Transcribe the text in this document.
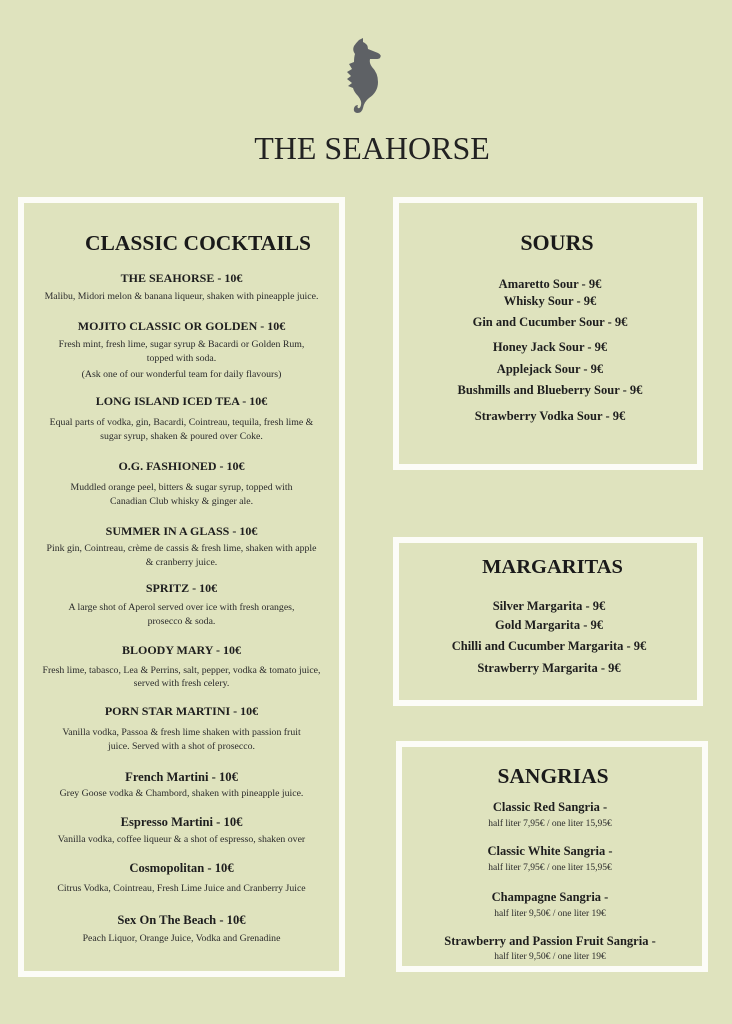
THE SEAHORSE
CLASSIC COCKTAILS
THE SEAHORSE - 10€
Malibu, Midori melon & banana liqueur, shaken with pineapple juice.
MOJITO CLASSIC OR GOLDEN - 10€
Fresh mint, fresh lime, sugar syrup & Bacardi or Golden Rum,
topped with soda.
(Ask one of our wonderful team for daily flavours)
LONG ISLAND ICED TEA - 10€
Equal parts of vodka, gin, Bacardi, Cointreau, tequila, fresh lime &
sugar syrup, shaken & poured over Coke.
O.G. FASHIONED - 10€
Muddled orange peel, bitters & sugar syrup, topped with
Canadian Club whisky & ginger ale.
SUMMER IN A GLASS - 10€
Pink gin, Cointreau, crème de cassis & fresh lime, shaken with apple
& cranberry juice.
SPRITZ - 10€
A large shot of Aperol served over ice with fresh oranges,
prosecco & soda.
BLOODY MARY - 10€
Fresh lime, tabasco, Lea & Perrins, salt, pepper, vodka & tomato juice,
served with fresh celery.
PORN STAR MARTINI - 10€
Vanilla vodka, Passoa & fresh lime shaken with passion fruit
juice. Served with a shot of prosecco.
French Martini - 10€
Grey Goose vodka & Chambord, shaken with pineapple juice.
Espresso Martini - 10€
Vanilla vodka, coffee liqueur & a shot of espresso, shaken over
Cosmopolitan - 10€
Citrus Vodka, Cointreau, Fresh Lime Juice and Cranberry Juice
Sex On The Beach - 10€
Peach Liquor, Orange Juice, Vodka and Grenadine
SOURS
Amaretto Sour - 9€
Whisky Sour - 9€
Gin and Cucumber Sour - 9€
Honey Jack Sour - 9€
Applejack Sour - 9€
Bushmills and Blueberry Sour - 9€
Strawberry Vodka Sour - 9€
MARGARITAS
Silver Margarita - 9€
Gold Margarita - 9€
Chilli and Cucumber Margarita - 9€
Strawberry Margarita - 9€
SANGRIAS
Classic Red Sangria -
half liter 7,95€ / one liter 15,95€
Classic White Sangria -
half liter 7,95€ / one liter 15,95€
Champagne Sangria -
half liter 9,50€ / one liter 19€
Strawberry and Passion Fruit Sangria -
half liter 9,50€ / one liter 19€
